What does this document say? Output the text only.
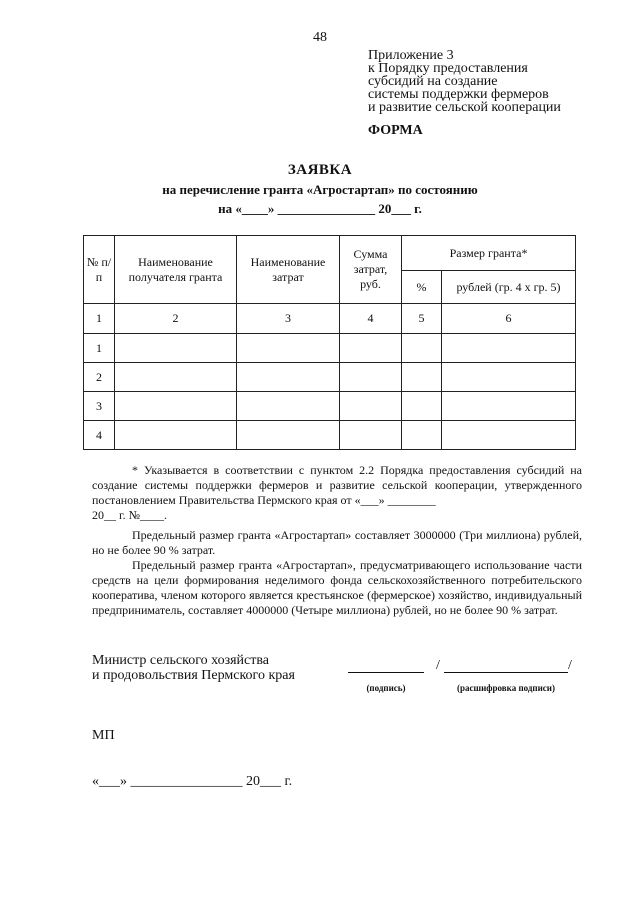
48
Приложение 3
к Порядку предоставления
субсидий на создание
системы поддержки фермеров
и развитие сельской кооперации
ФОРМА
ЗАЯВКА
на перечисление гранта «Агростартап» по состоянию
на «____» _______________ 20___ г.
№ п/п	Наименование получателя гранта	Наименование затрат	Сумма затрат, руб.	Размер гранта*	
				%	рублей (гр. 4 х гр. 5)
1	2	3	4	5	6
1					
2					
3					
4					
* Указывается в соответствии с пунктом 2.2 Порядка предоставления субсидий на создание системы поддержки фермеров и развитие сельской кооперации, утвержденного постановлением Правительства Пермского края от «___» ________
20__ г. №____.
Предельный размер гранта «Агростартап» составляет 3000000 (Три миллиона) рублей, но не более 90 % затрат.
Предельный размер гранта «Агростартап», предусматривающего использование части средств на цели формирования неделимого фонда сельскохозяйственного потребительского кооператива, членом которого является крестьянское (фермерское) хозяйство, индивидуальный предприниматель, составляет 4000000 (Четыре миллиона) рублей, но не более 90 % затрат.
Министр сельского хозяйства
и продовольствия Пермского края
/	/
(подпись)	(расшифровка подписи)
МП
«___» ________________ 20___ г.
